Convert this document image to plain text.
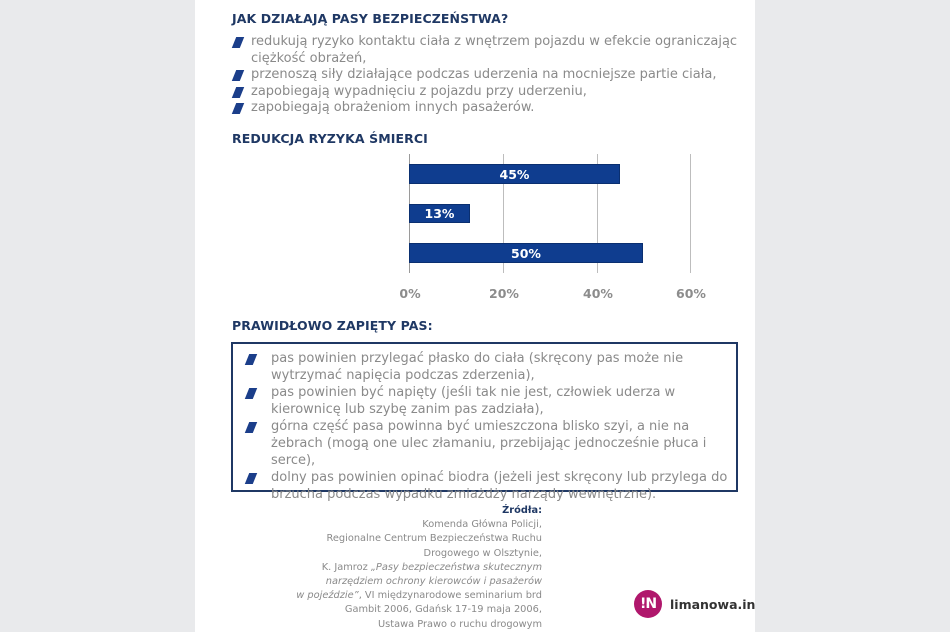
JAK DZIAŁAJĄ PASY BEZPIECZEŃSTWA?
redukują ryzyko kontaktu ciała z wnętrzem pojazdu w efekcie ograniczając ciężkość obrażeń,
przenoszą siły działające podczas uderzenia na mocniejsze partie ciała,
zapobiegają wypadnięciu z pojazdu przy uderzeniu,
zapobiegają obrażeniom innych pasażerów.
REDUKCJA RYZYKA ŚMIERCI
45%
13%
50%
0%	20%	40%	60%
PRAWIDŁOWO ZAPIĘTY PAS:
pas powinien przylegać płasko do ciała (skręcony pas może nie wytrzymać napięcia podczas zderzenia),
pas powinien być napięty (jeśli tak nie jest, człowiek uderza w kierownicę lub szybę zanim pas zadziała),
górna część pasa powinna być umieszczona blisko szyi, a nie na żebrach (mogą one ulec złamaniu, przebijając jednocześnie płuca i serce),
dolny pas powinien opinać biodra (jeżeli jest skręcony lub przylega do brzucha podczas wypadku zmiażdży narządy wewnętrzne).
Źródła:
Komenda Główna Policji,
Regionalne Centrum Bezpieczeństwa Ruchu
Drogowego w Olsztynie,
K. Jamroz „Pasy bezpieczeństwa skutecznym
narzędziem ochrony kierowców i pasażerów
w pojeździe”, VI międzynarodowe seminarium brd
Gambit 2006, Gdańsk 17-19 maja 2006,
Ustawa Prawo o ruchu drogowym
!N	limanowa.in
